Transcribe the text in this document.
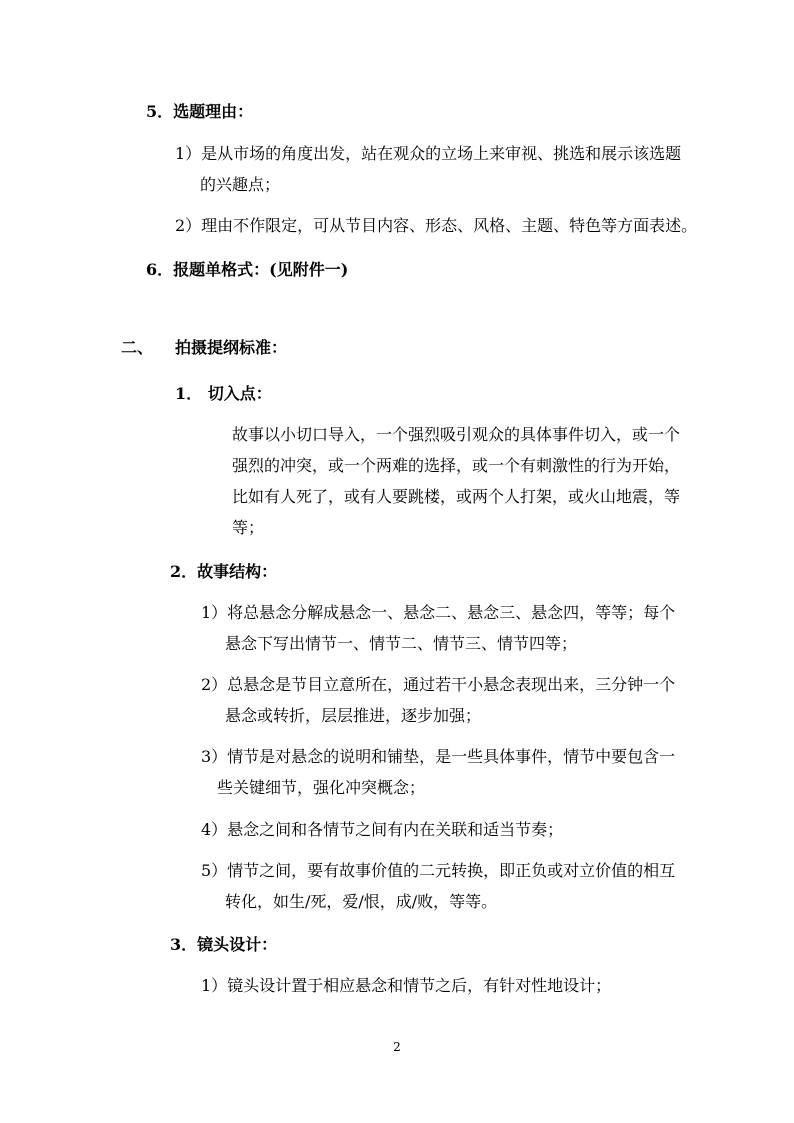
5．选题理由：
1）是从市场的角度出发，站在观众的立场上来审视、挑选和展示该选题
的兴趣点；
2）理由不作限定，可从节目内容、形态、风格、主题、特色等方面表述。
6．报题单格式：(见附件一)
二、 拍摄提纲标准：
1． 切入点：
故事以小切口导入，一个强烈吸引观众的具体事件切入，或一个
强烈的冲突，或一个两难的选择，或一个有刺激性的行为开始，
比如有人死了，或有人要跳楼，或两个人打架，或火山地震，等
等；
2．故事结构：
1）将总悬念分解成悬念一、悬念二、悬念三、悬念四，等等；每个
悬念下写出情节一、情节二、情节三、情节四等；
2）总悬念是节目立意所在，通过若干小悬念表现出来，三分钟一个
悬念或转折，层层推进，逐步加强；
3）情节是对悬念的说明和铺垫，是一些具体事件，情节中要包含一
些关键细节，强化冲突概念；
4）悬念之间和各情节之间有内在关联和适当节奏；
5）情节之间，要有故事价值的二元转换，即正负或对立价值的相互
转化，如生/死，爱/恨，成/败，等等。
3．镜头设计：
1）镜头设计置于相应悬念和情节之后，有针对性地设计；
2
